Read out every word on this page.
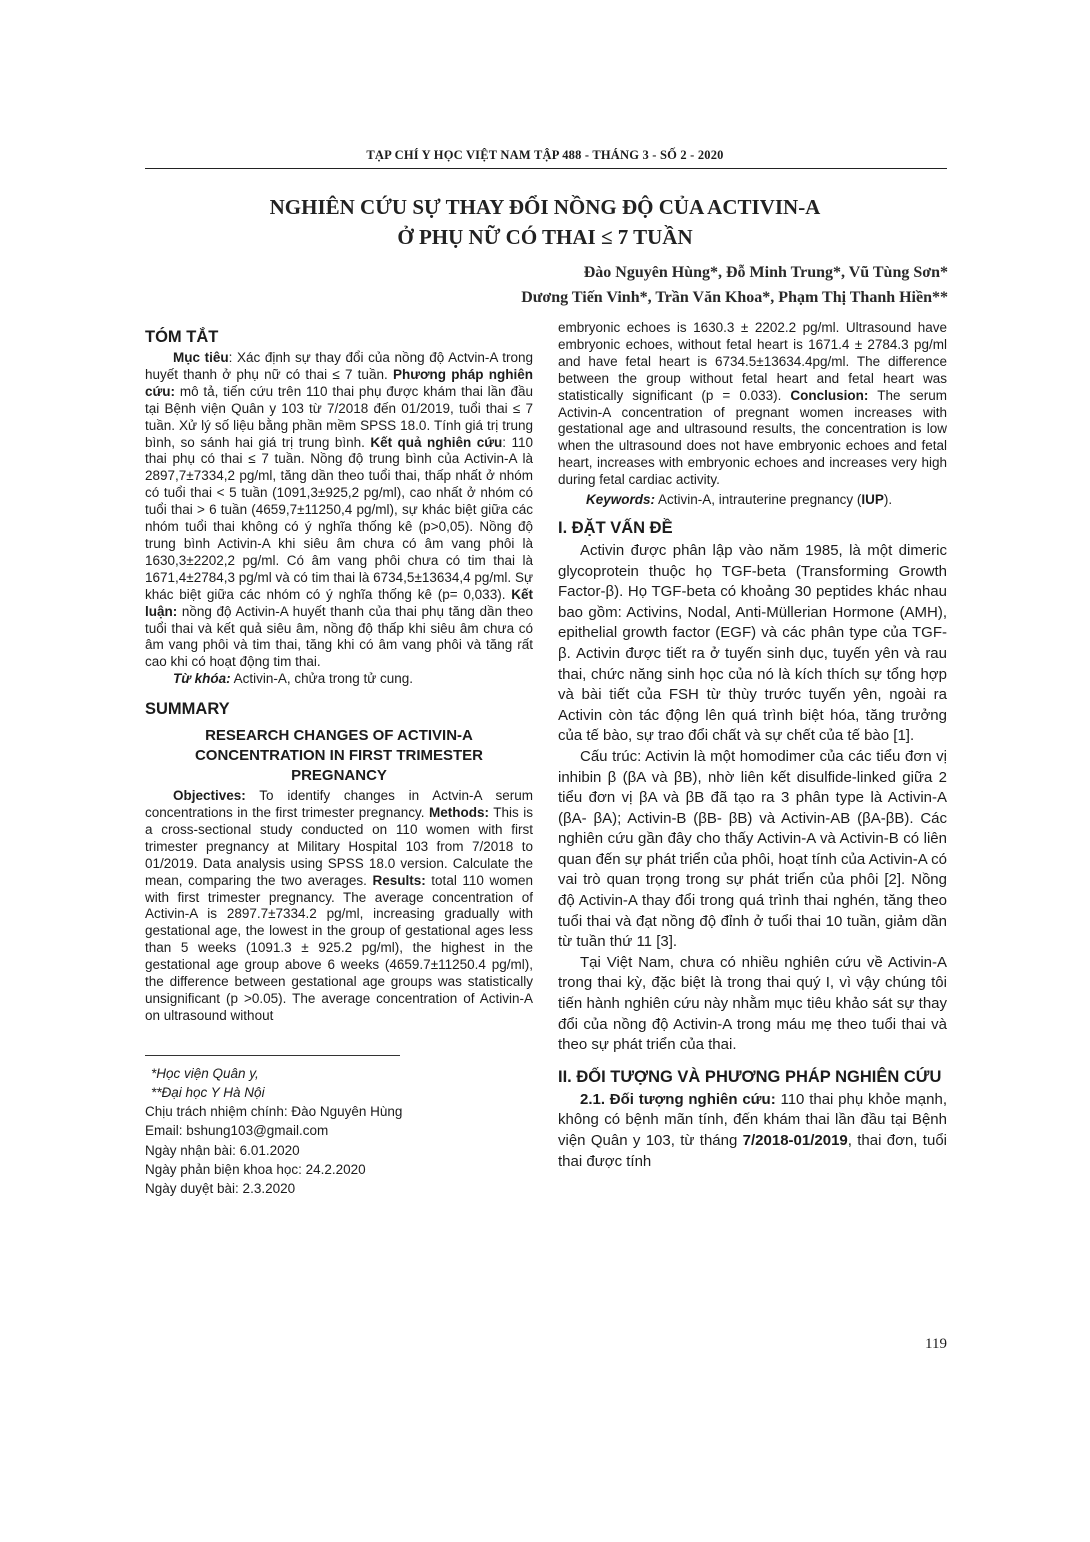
TẠP CHÍ Y HỌC VIỆT NAM TẬP 488 - THÁNG 3 - SỐ 2 - 2020
NGHIÊN CỨU SỰ THAY ĐỔI NỒNG ĐỘ CỦA ACTIVIN-A
Ở PHỤ NỮ CÓ THAI ≤ 7 TUẦN
Đào Nguyên Hùng*, Đỗ Minh Trung*, Vũ Tùng Sơn*
Dương Tiến Vinh*, Trần Văn Khoa*, Phạm Thị Thanh Hiền**
TÓM TẮT

Mục tiêu: Xác định sự thay đổi của nồng độ Actvin-A trong huyết thanh ở phụ nữ có thai ≤ 7 tuần. Phương pháp nghiên cứu: mô tả, tiến cứu trên 110 thai phụ được khám thai lần đầu tại Bệnh viện Quân y 103 từ 7/2018 đến 01/2019, tuổi thai ≤ 7 tuần. Xử lý số liệu bằng phần mềm SPSS 18.0. Tính giá trị trung bình, so sánh hai giá trị trung bình. Kết quả nghiên cứu: 110 thai phụ có thai ≤ 7 tuần. Nồng độ trung bình của Activin-A là 2897,7±7334,2 pg/ml, tăng dần theo tuổi thai, thấp nhất ở nhóm có tuổi thai < 5 tuần (1091,3±925,2 pg/ml), cao nhất ở nhóm có tuổi thai > 6 tuần (4659,7±11250,4 pg/ml), sự khác biệt giữa các nhóm tuổi thai không có ý nghĩa thống kê (p>0,05). Nồng độ trung bình Activin-A khi siêu âm chưa có âm vang phôi là 1630,3±2202,2 pg/ml. Có âm vang phôi chưa có tim thai là 1671,4±2784,3 pg/ml và có tim thai là 6734,5±13634,4 pg/ml. Sự khác biệt giữa các nhóm có ý nghĩa thống kê (p= 0,033). Kết luận: nồng độ Activin-A huyết thanh của thai phụ tăng dần theo tuổi thai và kết quả siêu âm, nồng độ thấp khi siêu âm chưa có âm vang phôi và tim thai, tăng khi có âm vang phôi và tăng rất cao khi có hoạt động tim thai.

Từ khóa: Activin-A, chửa trong tử cung.

SUMMARY
RESEARCH CHANGES OF ACTIVIN-A
CONCENTRATION IN FIRST TRIMESTER
PREGNANCY

Objectives: To identify changes in Actvin-A serum concentrations in the first trimester pregnancy. Methods: This is a cross-sectional study conducted on 110 women with first trimester pregnancy at Military Hospital 103 from 7/2018 to 01/2019. Data analysis using SPSS 18.0 version. Calculate the mean, comparing the two averages. Results: total 110 women with first trimester pregnancy. The average concentration of Activin-A is 2897.7±7334.2 pg/ml, increasing gradually with gestational age, the lowest in the group of gestational ages less than 5 weeks (1091.3 ± 925.2 pg/ml), the highest in the gestational age group above 6 weeks (4659.7±11250.4 pg/ml), the difference between gestational age groups was statistically unsignificant (p >0.05). The average concentration of Activin-A on ultrasound without

*Học viện Quân y,
**Đại học Y Hà Nội
Chịu trách nhiệm chính: Đào Nguyên Hùng
Email: bshung103@gmail.com
Ngày nhận bài: 6.01.2020
Ngày phản biện khoa học: 24.2.2020
Ngày duyệt bài: 2.3.2020

embryonic echoes is 1630.3 ± 2202.2 pg/ml. Ultrasound have embryonic echoes, without fetal heart is 1671.4 ± 2784.3 pg/ml and have fetal heart is 6734.5±13634.4pg/ml. The difference between the group without fetal heart and fetal heart was statistically significant (p = 0.033). Conclusion: The serum Activin-A concentration of pregnant women increases with gestational age and ultrasound results, the concentration is low when the ultrasound does not have embryonic echoes and fetal heart, increases with embryonic echoes and increases very high during fetal cardiac activity.

Keywords: Activin-A, intrauterine pregnancy (IUP).

I. ĐẶT VẤN ĐỀ

Activin được phân lập vào năm 1985, là một dimeric glycoprotein thuộc họ TGF-beta (Transforming Growth Factor-β). Họ TGF-beta có khoảng 30 peptides khác nhau bao gồm: Activins, Nodal, Anti-Müllerian Hormone (AMH), epithelial growth factor (EGF) và các phân type của TGF-β. Activin được tiết ra ở tuyến sinh dục, tuyến yên và rau thai, chức năng sinh học của nó là kích thích sự tổng hợp và bài tiết của FSH từ thùy trước tuyến yên, ngoài ra Activin còn tác động lên quá trình biệt hóa, tăng trưởng của tế bào, sự trao đổi chất và sự chết của tế bào [1].

Cấu trúc: Activin là một homodimer của các tiểu đơn vị inhibin β (βA và βB), nhờ liên kết disulfide-linked giữa 2 tiểu đơn vị βA và βB đã tạo ra 3 phân type là Activin-A (βA- βA); Activin-B (βB- βB) và Activin-AB (βA-βB). Các nghiên cứu gần đây cho thấy Activin-A và Activin-B có liên quan đến sự phát triển của phôi, hoạt tính của Activin-A có vai trò quan trọng trong sự phát triển của phôi [2]. Nồng độ Activin-A thay đổi trong quá trình thai nghén, tăng theo tuổi thai và đạt nồng độ đỉnh ở tuổi thai 10 tuần, giảm dần từ tuần thứ 11 [3].

Tại Việt Nam, chưa có nhiều nghiên cứu về Activin-A trong thai kỳ, đặc biệt là trong thai quý I, vì vậy chúng tôi tiến hành nghiên cứu này nhằm mục tiêu khảo sát sự thay đổi của nồng độ Activin-A trong máu mẹ theo tuổi thai và theo sự phát triển của thai.

II. ĐỐI TƯỢNG VÀ PHƯƠNG PHÁP NGHIÊN CỨU

2.1. Đối tượng nghiên cứu: 110 thai phụ khỏe mạnh, không có bệnh mãn tính, đến khám thai lần đầu tại Bệnh viện Quân y 103, từ tháng 7/2018-01/2019, thai đơn, tuổi thai được tính

119
